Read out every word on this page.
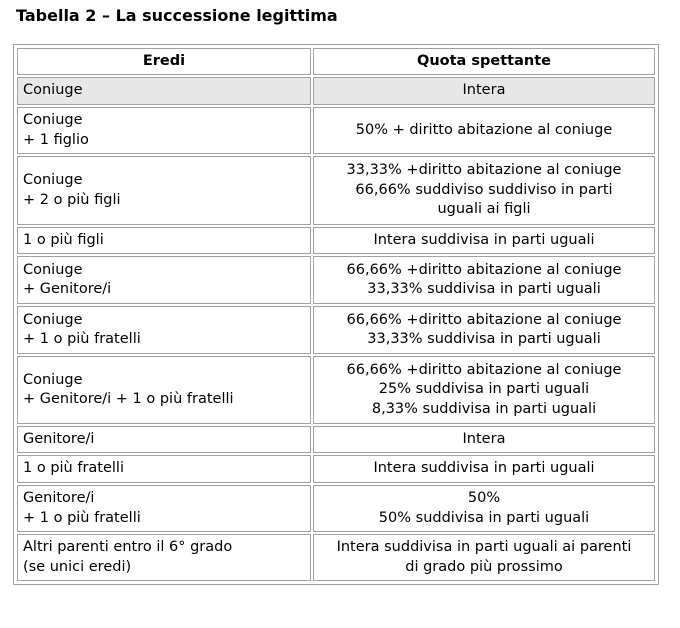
Tabella 2 – La successione legittima
Eredi	Quota spettante

Coniuge	Intera

Coniuge
+ 1 figlio	50% + diritto abitazione al coniuge

Coniuge
+ 2 o più figli	33,33% +diritto abitazione al coniuge
66,66% suddiviso suddiviso in parti
uguali ai figli

1 o più figli	Intera suddivisa in parti uguali

Coniuge
+ Genitore/i	66,66% +diritto abitazione al coniuge
33,33% suddivisa in parti uguali

Coniuge
+ 1 o più fratelli	66,66% +diritto abitazione al coniuge
33,33% suddivisa in parti uguali

Coniuge
+ Genitore/i + 1 o più fratelli	66,66% +diritto abitazione al coniuge
25% suddivisa in parti uguali
8,33% suddivisa in parti uguali

Genitore/i	Intera

1 o più fratelli	Intera suddivisa in parti uguali

Genitore/i
+ 1 o più fratelli	50%
50% suddivisa in parti uguali

Altri parenti entro il 6° grado
(se unici eredi)	Intera suddivisa in parti uguali ai parenti
di grado più prossimo
